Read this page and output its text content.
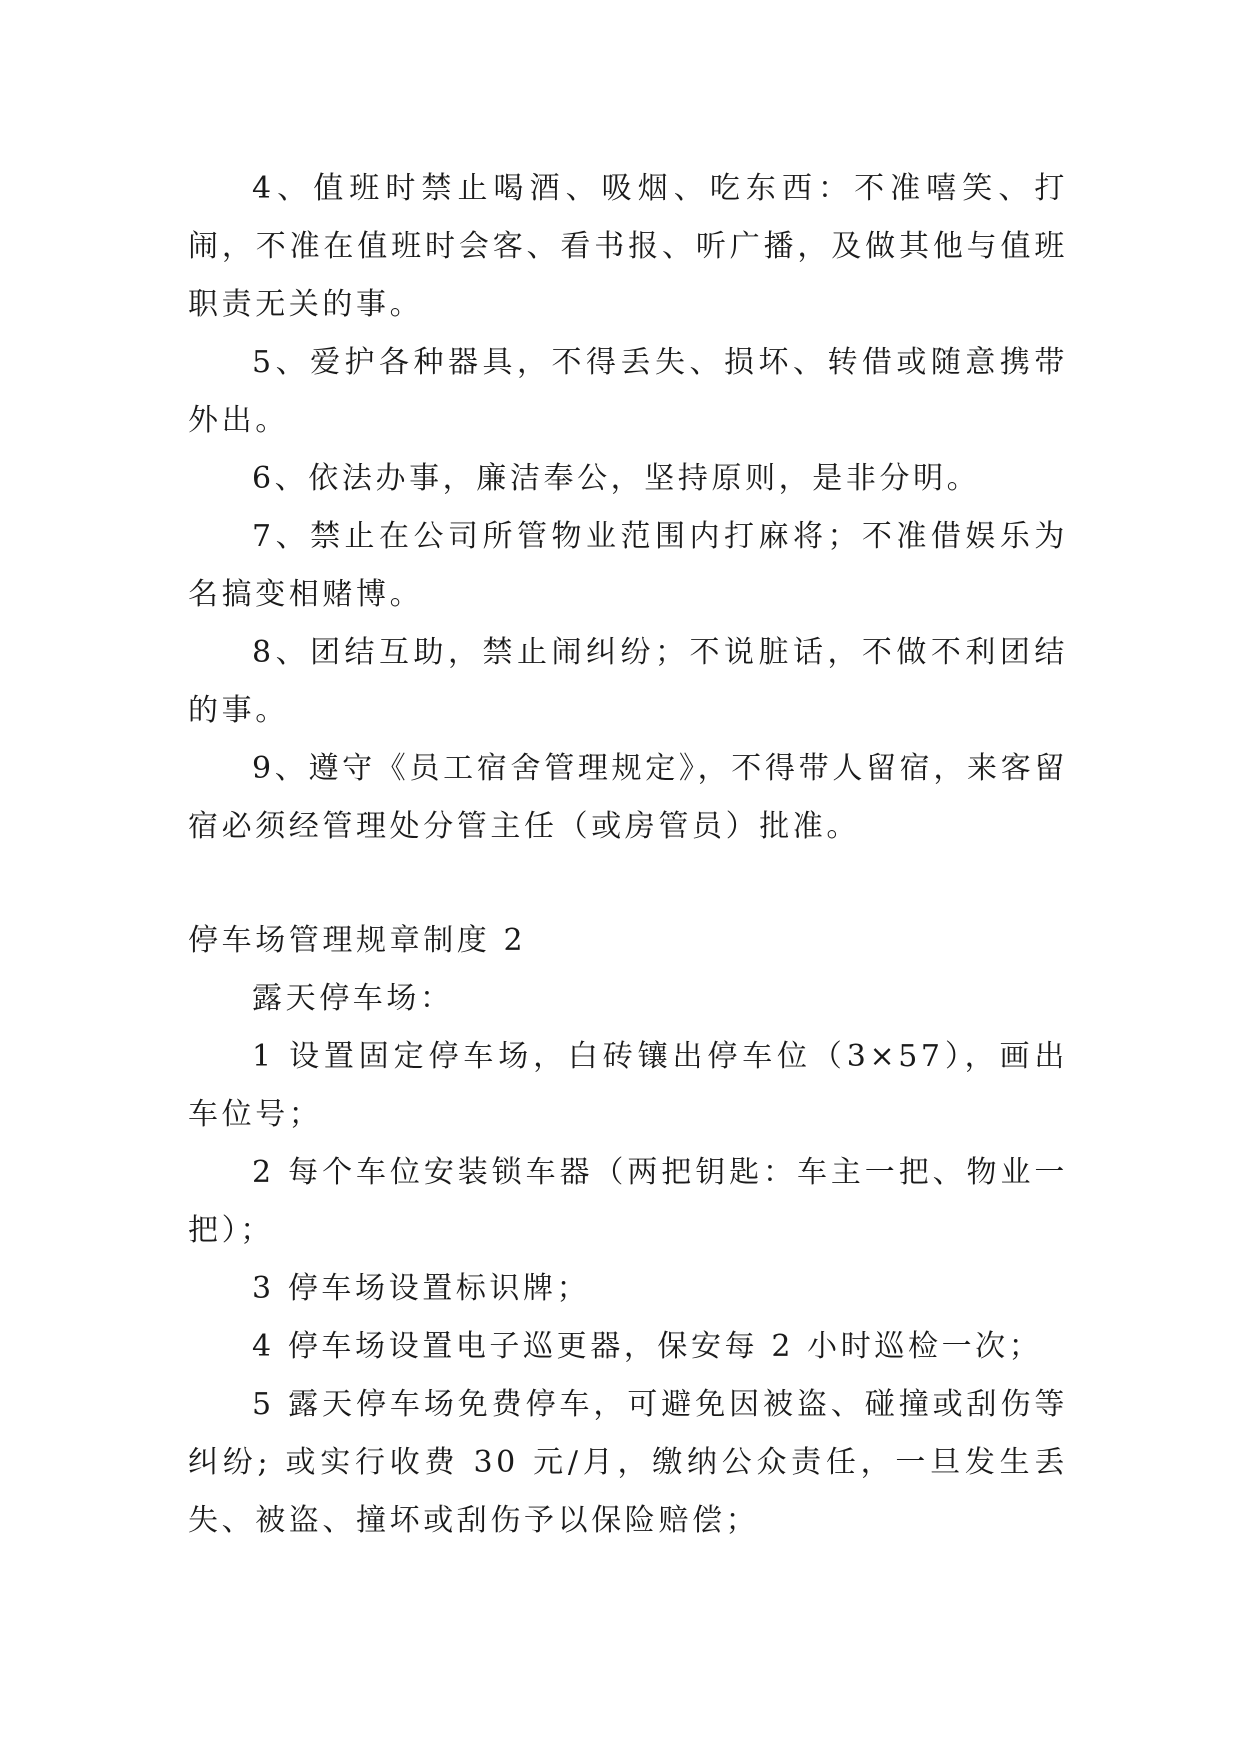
4、值班时禁止喝酒、吸烟、吃东西：不准嘻笑、打闹，不准在值班时会客、看书报、听广播，及做其他与值班职责无关的事。

5、爱护各种器具，不得丢失、损坏、转借或随意携带外出。

6、依法办事，廉洁奉公，坚持原则，是非分明。

7、禁止在公司所管物业范围内打麻将；不准借娱乐为名搞变相赌博。

8、团结互助，禁止闹纠纷；不说脏话，不做不利团结的事。

9、遵守《员工宿舍管理规定》，不得带人留宿，来客留宿必须经管理处分管主任（或房管员）批准。

停车场管理规章制度 2

露天停车场：

1 设置固定停车场，白砖镶出停车位（3×57），画出车位号；

2 每个车位安装锁车器（两把钥匙：车主一把、物业一把）；

3 停车场设置标识牌；

4 停车场设置电子巡更器，保安每 2 小时巡检一次；

5 露天停车场免费停车，可避免因被盗、碰撞或刮伤等纠纷; 或实行收费 30 元/月，缴纳公众责任，一旦发生丢失、被盗、撞坏或刮伤予以保险赔偿；
